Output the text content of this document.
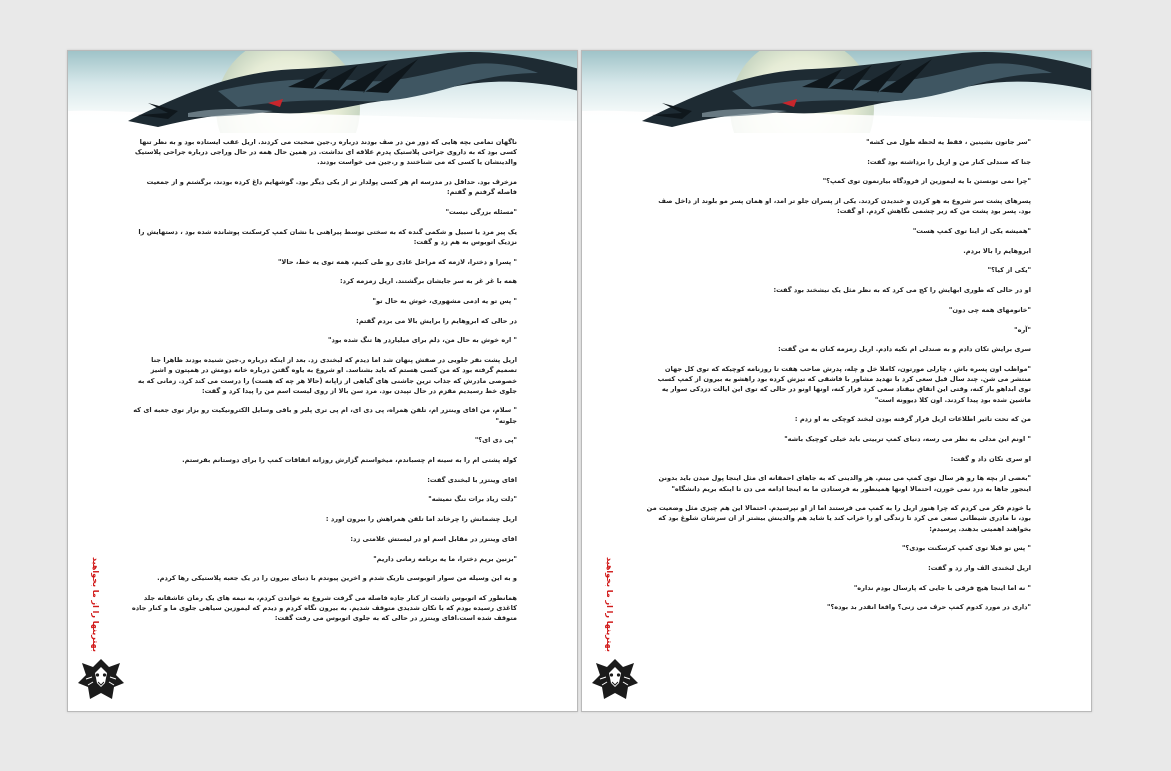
"سر جاتون بشینین ، فقط یه لحظه طول می کشه"

جنا که صندلی کنار من و اریل را برداشته بود گفت:

"چرا نمی تونستن با یه لیموزین از فرودگاه بیارنمون توی کمپ؟"

پسرهای پشت سر شروع به هو کردن و خندیدن کردند. یکی از پسران جلو تر امد، او همان پسر مو بلوند از داخل صف بود. پسر بود پشت من که زیر چشمی نگاهش کردم. او گفت:

"همیشه یکی از اینا توی کمپ هست"

ابروهایم را بالا بردم.

"یکی از کیا؟"

او در حالی که طوری ابهایش را کج می کرد که به نظر مثل یک نیشخند بود گفت:

"خانومهای همه چی دون"

"آره"

سری برایش تکان دادم و به صندلی ام تکیه دادم. اریل زمزمه کنان به من گفت:

"مواظب اون پسره باش ، چارلی مورتون، کاملا خل و چله، پدرش صاحب هفت تا روزنامه کوچیکه که توی کل جهان منتشر می شن. چند سال قبل سعی کرد با تهدید مشاور با فاشقی که تیزش کرده بود راهشو به بیرون از کمپ کسب توی ابداهو باز کنه، وقتی این اتفاق نیفتاد سعی کرد فرار کنه، اونها اونو در حالی که توی این ایالت دزدکی سوار یه ماشین شده بود پیدا کردند. اون کلا دیوونه است"

من که تحت تاثیر اطلاعات اریل قرار گرفته بودن لبخند کوچکی به او زدم :

" اونم این مدلی به نظر می رسه، دنیای کمپ تربیتی باید خیلی کوچیک باشه"

او سری تکان داد و گفت:

"بعضی از بچه ها رو هر سال توی کمپ می بینم. هر والدینی که به جاهای احمقانه ای مثل اینجا پول میدن باید بدونن اینجور جاها به درد نمی خورن، احتمالا اونها همینطور به فرستادن ما به اینجا ادامه می دن تا اینکه بریم دانشگاه"

با خودم فکر می کردم که چرا هنوز اریل را به کمپ می فرستند اما از او نپرسیدم. احتمالا این هم چیزی مثل وضعیت من بود، نا مادری شیطانی سعی می کرد تا زندگی او را خراب کند یا شاید هم والدینش بیشتر از ان سرشان شلوغ بود که بخواهند اهمیتی بدهند. پرسیدم:

" پس تو قبلا توی کمپ کرسکنت بودی؟"

اریل لبخندی الف وار زد و گفت:

" نه اما اینجا هیچ فرقی با جایی که پارسال بودم نداره"

"داری در مورد کدوم کمپ حرف می زنی؟ واقعا انقدر بد بوده؟"

بهترینها را از ما بخواهید

ناگهان تمامی بچه هایی که دور من در صف بودند درباره ر.جین صحبت می کردند. اریل عقب ایستاده بود و به نظر تنها کسی بود که به داروی جراحی پلاستیک پدرم علاقه ای نداشت. در همین حال همه در حال وراجی درباره جراحی پلاستیک والدینشان یا کسی که می شناختند و ر.جین می خواست بودند.

مزخرف بود. حداقل در مدرسه ام هر کسی پولدار تر از یکی دیگر بود. گوشهایم داغ کرده بودند، برگشتم و از جمعیت فاصله گرفتم و گفتم:

"مسئله بزرگی نیست"

یک پیر مرد با سبیل و شکمی گنده که به سختی توسط پیراهنی با نشان کمپ کرسکنت پوشانده شده بود ، دستهایش را نزدیک اتوبوس به هم زد و گفت:

" پسرا و دخترا، لازمه که مراحل عادی رو طی کنیم، همه توی یه خط، حالا"

همه با غر غر به سر جایشان برگشتند. اریل زمزمه کرد:

" پس تو یه ادمی مشهوری، خوش به حال تو"

در حالی که ابروهایم را برایش بالا می بردم گفتم:

" اره خوش به حال من، دلم برای میلیاردر ها تنگ شده بود"

اریل پشت نفر جلویی در صفش پنهان شد اما دیدم که لبخندی زد. بعد از اینکه درباره ر.جین شنیده بودند ظاهرا جنا تصمیم گرفته بود که من کسی هستم که باید بشناسد. او شروع به یاوه گفتن درباره خانه دومش در همپتون و اشیز خصوصی مادرش که جذاب ترین جاشنی های گیاهی از زاپانه (حالا هر چه که هست) را درست می کند کرد. زمانی که به جلوی خط رسیدیم مقزم در حال تپیدن بود. مرد سن بالا از روی لیست اسم من را پیدا کرد و گفت:

" سلام، من اقای وینتزر ام، تلفن همراه، پی دی ای، ام پی تری پلیر و باقی وسایل الکترونیکیت رو بزار توی جعبه ای که جلوته"

"پی دی ای؟"

کوله پشتی ام را به سینه ام چسباندم، میخواستم گزارش روزانه اتفاقات کمپ را برای دوستانم بفرستم.

اقای وینتزر با لبخندی گفت:

"دلت زیاد برات تنگ نمیشه"

اریل چشمانش را چرخاند اما تلفن همراهش را بیرون اورد :

اقای وینتزر در مقابل اسم او در لیستش علامتی زد:

"بزنین بریم دخترا، ما یه برنامه زمانی داریم"

و به این وسیله من سوار اتوبوسی تاریک شدم و اخرین پیوندم با دنیای بیرون را در یک جعبه پلاستیکی رها کردم.

همانطور که اتوبوس داشت از کنار جاده فاصله می گرفت شروع به خواندن کردم، به نیمه های یک رمان عاشقانه جلد کاغذی رسیده بودم که با تکان شدیدی متوقف شدیم. به بیرون نگاه کردم و دیدم که لیموزین سیاهی جلوی ما و کنار جاده متوقف شده است.اقای وینتزر در حالی که به جلوی اتوبوس می رفت گفت:

بهترینها را از ما بخواهید
